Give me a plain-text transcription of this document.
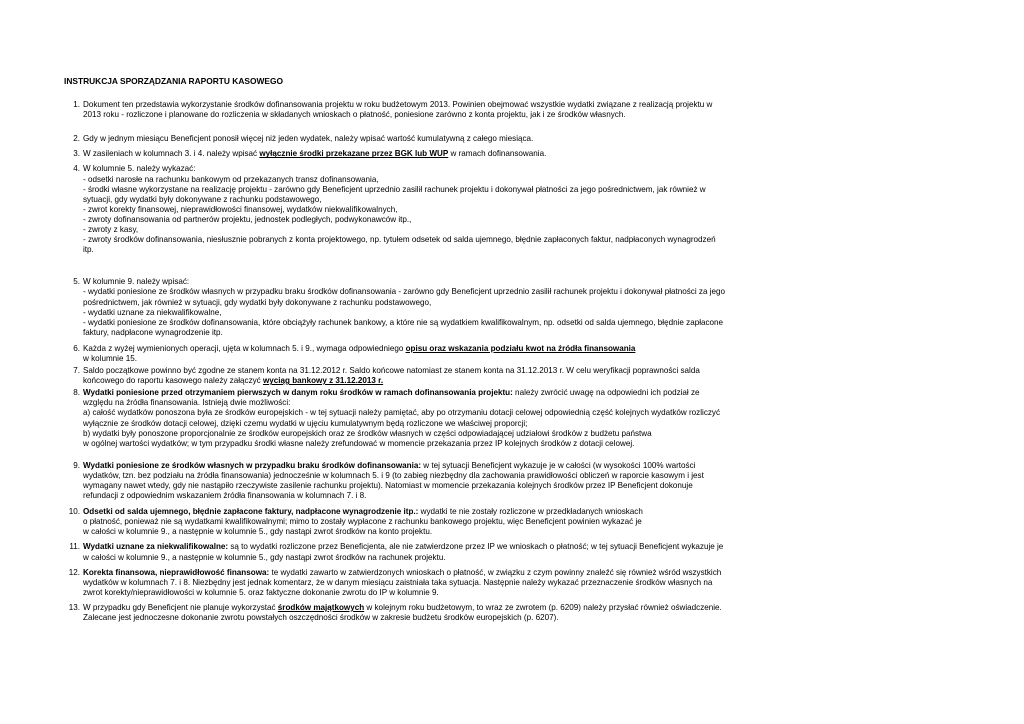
INSTRUKCJA SPORZĄDZANIA RAPORTU KASOWEGO
1. Dokument ten przedstawia wykorzystanie środków dofinansowania projektu w roku budżetowym 2013. Powinien obejmować wszystkie wydatki związane z realizacją projektu w
2013 roku - rozliczone i planowane do rozliczenia w składanych wnioskach o płatność, poniesione zarówno z konta projektu, jak i ze środków własnych.
2. Gdy w jednym miesiącu Beneficjent ponosił więcej niż jeden wydatek, należy wpisać wartość kumulatywną z całego miesiąca.
3. W zasileniach w kolumnach 3. i 4. należy wpisać wyłącznie środki przekazane przez BGK lub WUP w ramach dofinansowania.
4. W kolumnie 5. należy wykazać:
- odsetki narosłe na rachunku bankowym od przekazanych transz dofinansowania,
- środki własne wykorzystane na realizację projektu - zarówno gdy Beneficjent uprzednio zasilił rachunek projektu i dokonywał płatności za jego pośrednictwem, jak również w
sytuacji, gdy wydatki były dokonywane z rachunku podstawowego,
- zwrot korekty finansowej, nieprawidłowości finansowej, wydatków niekwalifikowalnych,
- zwroty dofinansowania od partnerów projektu, jednostek podległych, podwykonawców itp.,
- zwroty z kasy,
- zwroty środków dofinansowania, niesłusznie pobranych z konta projektowego, np. tytułem odsetek od salda ujemnego, błędnie zapłaconych faktur, nadpłaconych wynagrodzeń
itp.
5. W kolumnie 9. należy wpisać:
- wydatki poniesione ze środków własnych w przypadku braku środków dofinansowania - zarówno gdy Beneficjent uprzednio zasilił rachunek projektu i dokonywał płatności za jego
pośrednictwem, jak również w sytuacji, gdy wydatki były dokonywane z rachunku podstawowego,
- wydatki uznane za niekwalifikowalne,
- wydatki poniesione ze środków dofinansowania, które obciążyły rachunek bankowy, a które nie są wydatkiem kwalifikowalnym, np. odsetki od salda ujemnego, błędnie zapłacone
faktury, nadpłacone wynagrodzenie itp.
6. Każda z wyżej wymienionych operacji, ujęta w kolumnach 5. i 9., wymaga odpowiedniego opisu oraz wskazania podziału kwot na źródła finansowania
w kolumnie 15.
7. Saldo początkowe powinno być zgodne ze stanem konta na 31.12.2012 r. Saldo końcowe natomiast ze stanem konta na 31.12.2013 r. W celu weryfikacji poprawności salda
końcowego do raportu kasowego należy załączyć wyciąg bankowy z 31.12.2013 r.
8. Wydatki poniesione przed otrzymaniem pierwszych w danym roku środków w ramach dofinansowania projektu: należy zwrócić uwagę na odpowiedni ich podział ze
względu na źródła finansowania. Istnieją dwie możliwości:
a) całość wydatków ponoszona była ze środków europejskich - w tej sytuacji należy pamiętać, aby po otrzymaniu dotacji celowej odpowiednią część kolejnych wydatków rozliczyć
wyłącznie ze środków dotacji celowej, dzięki czemu wydatki w ujęciu kumulatywnym będą rozliczone we właściwej proporcji;
b) wydatki były ponoszone proporcjonalnie ze środków europejskich oraz ze środków własnych w części odpowiadającej udziałowi środków z budżetu państwa
w ogólnej wartości wydatków; w tym przypadku środki własne należy zrefundować w momencie przekazania przez IP kolejnych środków z dotacji celowej.
9. Wydatki poniesione ze środków własnych w przypadku braku środków dofinansowania: w tej sytuacji Beneficjent wykazuje je w całości (w wysokości 100% wartości
wydatków, tzn. bez podziału na źródła finansowania) jednocześnie w kolumnach 5. i 9 (to zabieg niezbędny dla zachowania prawidłowości obliczeń w raporcie kasowym i jest
wymagany nawet wtedy, gdy nie nastąpiło rzeczywiste zasilenie rachunku projektu). Natomiast w momencie przekazania kolejnych środków przez IP Beneficjent dokonuje
refundacji z odpowiednim wskazaniem źródła finansowania w kolumnach 7. i 8.
10. Odsetki od salda ujemnego, błędnie zapłacone faktury, nadpłacone wynagrodzenie itp.: wydatki te nie zostały rozliczone w przedkładanych wnioskach
o płatność, ponieważ nie są wydatkami kwalifikowalnymi; mimo to zostały wypłacone z rachunku bankowego projektu, więc Beneficjent powinien wykazać je
w całości w kolumnie 9., a następnie w kolumnie 5., gdy nastąpi zwrot środków na konto projektu.
11. Wydatki uznane za niekwalifikowalne: są to wydatki rozliczone przez Beneficjenta, ale nie zatwierdzone przez IP we wnioskach o płatność; w tej sytuacji Beneficjent wykazuje je
w całości w kolumnie 9., a następnie w kolumnie 5., gdy nastąpi zwrot środków na rachunek projektu.
12. Korekta finansowa, nieprawidłowość finansowa: te wydatki zawarto w zatwierdzonych wnioskach o płatność, w związku z czym powinny znaleźć się również wśród wszystkich
wydatków w kolumnach 7. i 8. Niezbędny jest jednak komentarz, że w danym miesiącu zaistniała taka sytuacja. Następnie należy wykazać przeznaczenie środków własnych na
zwrot korekty/nieprawidłowości w kolumnie 5. oraz faktyczne dokonanie zwrotu do IP w kolumnie 9.
13. W przypadku gdy Beneficjent nie planuje wykorzystać środków majątkowych w kolejnym roku budżetowym, to wraz ze zwrotem (p. 6209) należy przysłać również oświadczenie.
Zalecane jest jednoczesne dokonanie zwrotu powstałych oszczędności środków w zakresie budżetu środków europejskich (p. 6207).
